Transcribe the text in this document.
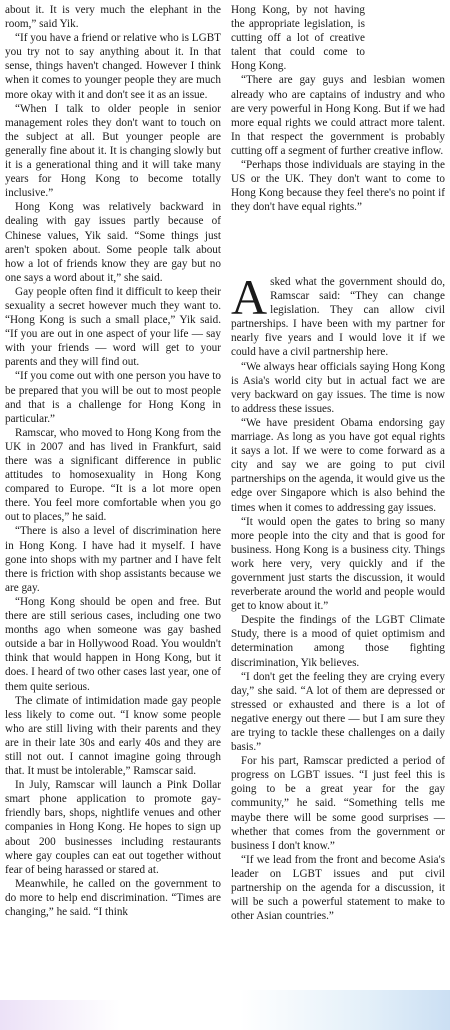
about it. It is very much the elephant in the room,” said Yik.

“If you have a friend or relative who is LGBT you try not to say anything about it. In that sense, things haven't changed. However I think when it comes to younger people they are much more okay with it and don't see it as an issue.

“When I talk to older people in senior management roles they don't want to touch on the subject at all. But younger people are generally fine about it. It is changing slowly but it is a generational thing and it will take many years for Hong Kong to become totally inclusive.”

Hong Kong was relatively backward in dealing with gay issues partly because of Chinese values, Yik said. “Some things just aren't spoken about. Some people talk about how a lot of friends know they are gay but no one says a word about it,” she said.

Gay people often find it difficult to keep their sexuality a secret however much they want to. “Hong Kong is such a small place,” Yik said. “If you are out in one aspect of your life — say with your friends — word will get to your parents and they will find out.

“If you come out with one person you have to be prepared that you will be out to most people and that is a challenge for Hong Kong in particular.”

Ramscar, who moved to Hong Kong from the UK in 2007 and has lived in Frankfurt, said there was a significant difference in public attitudes to homosexuality in Hong Kong compared to Europe. “It is a lot more open there. You feel more comfortable when you go out to places,” he said.

“There is also a level of discrimination here in Hong Kong. I have had it myself. I have gone into shops with my partner and I have felt there is friction with shop assistants because we are gay.

“Hong Kong should be open and free. But there are still serious cases, including one two months ago when someone was gay bashed outside a bar in Hollywood Road. You wouldn't think that would happen in Hong Kong, but it does. I heard of two other cases last year, one of them quite serious.

The climate of intimidation made gay people less likely to come out. “I know some people who are still living with their parents and they are in their late 30s and early 40s and they are still not out. I cannot imagine going through that. It must be intolerable,” Ramscar said.

In July, Ramscar will launch a Pink Dollar smart phone application to promote gay-friendly bars, shops, nightlife venues and other companies in Hong Kong. He hopes to sign up about 200 businesses including restaurants where gay couples can eat out together without fear of being harassed or stared at.

Meanwhile, he called on the government to do more to help end discrimination. “Times are changing,” he said. “I think

Hong Kong, by not having the appropriate legislation, is cutting off a lot of creative talent that could come to Hong Kong.

“There are gay guys and lesbian women already who are captains of industry and who are very powerful in Hong Kong. But if we had more equal rights we could attract more talent. In that respect the government is probably cutting off a segment of further creative inflow.

“Perhaps those individuals are staying in the US or the UK. They don't want to come to Hong Kong because they feel there's no point if they don't have equal rights.”

Asked what the government should do, Ramscar said: “They can change legislation. They can allow civil partnerships. I have been with my partner for nearly five years and I would love it if we could have a civil partnership here.

“We always hear officials saying Hong Kong is Asia's world city but in actual fact we are very backward on gay issues. The time is now to address these issues.

“We have president Obama endorsing gay marriage. As long as you have got equal rights it says a lot. If we were to come forward as a city and say we are going to put civil partnerships on the agenda, it would give us the edge over Singapore which is also behind the times when it comes to addressing gay issues.

“It would open the gates to bring so many more people into the city and that is good for business. Hong Kong is a business city. Things work here very, very quickly and if the government just starts the discussion, it would reverberate around the world and people would get to know about it.”

Despite the findings of the LGBT Climate Study, there is a mood of quiet optimism and determination among those fighting discrimination, Yik believes.

“I don't get the feeling they are crying every day,” she said. “A lot of them are depressed or stressed or exhausted and there is a lot of negative energy out there — but I am sure they are trying to tackle these challenges on a daily basis.”

For his part, Ramscar predicted a period of progress on LGBT issues. “I just feel this is going to be a great year for the gay community,” he said. “Something tells me maybe there will be some good surprises — whether that comes from the government or business I don't know.”

“If we lead from the front and become Asia's leader on LGBT issues and put civil partnership on the agenda for a discussion, it will be such a powerful statement to make to other Asian countries.”
